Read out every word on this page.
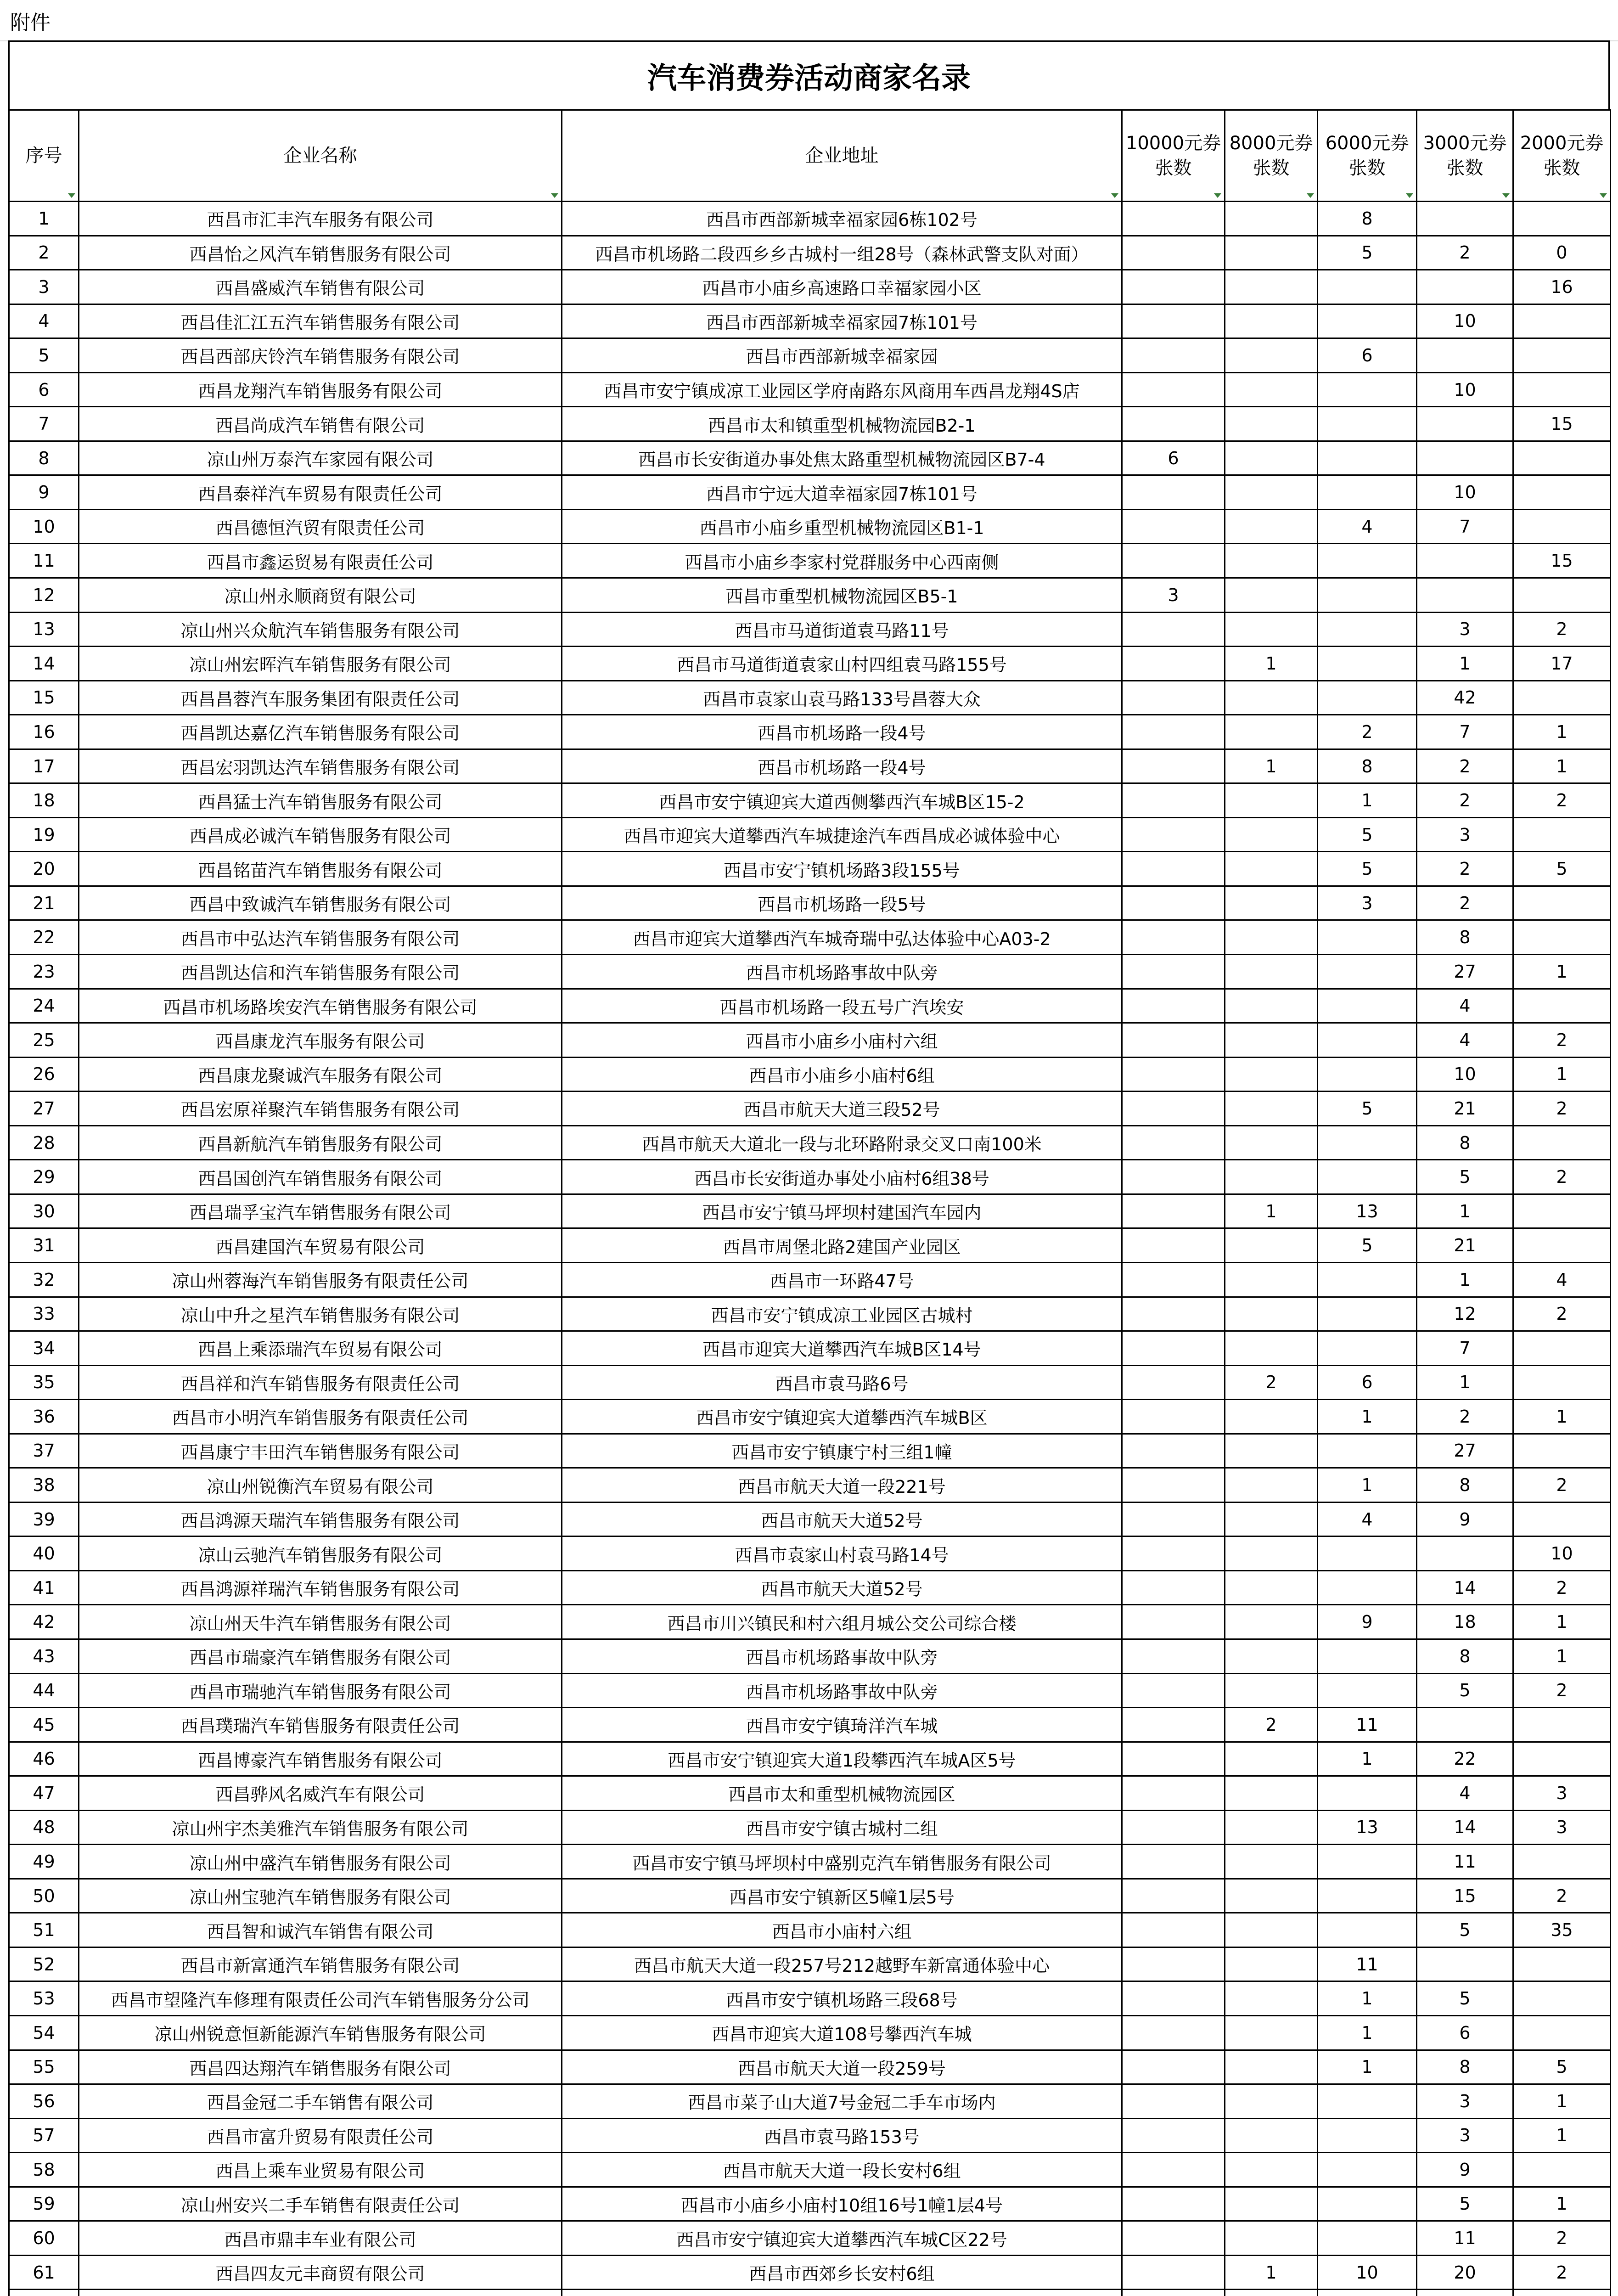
附件
汽车消费券活动商家名录
序号	企业名称	企业地址	10000元券张数	8000元券张数	6000元券张数	3000元券张数	2000元券张数

1	西昌市汇丰汽车服务有限公司	西昌市西部新城幸福家园6栋102号			8		
2	西昌怡之风汽车销售服务有限公司	西昌市机场路二段西乡乡古城村一组28号（森林武警支队对面）			5	2	0
3	西昌盛威汽车销售有限公司	西昌市小庙乡高速路口幸福家园小区					16
4	西昌佳汇江五汽车销售服务有限公司	西昌市西部新城幸福家园7栋101号				10	
5	西昌西部庆铃汽车销售服务有限公司	西昌市西部新城幸福家园			6		
6	西昌龙翔汽车销售服务有限公司	西昌市安宁镇成凉工业园区学府南路东风商用车西昌龙翔4S店				10	
7	西昌尚成汽车销售有限公司	西昌市太和镇重型机械物流园B2-1					15
8	凉山州万泰汽车家园有限公司	西昌市长安街道办事处焦太路重型机械物流园区B7-4	6				
9	西昌泰祥汽车贸易有限责任公司	西昌市宁远大道幸福家园7栋101号				10	
10	西昌德恒汽贸有限责任公司	西昌市小庙乡重型机械物流园区B1-1			4	7	
11	西昌市鑫运贸易有限责任公司	西昌市小庙乡李家村党群服务中心西南侧					15
12	凉山州永顺商贸有限公司	西昌市重型机械物流园区B5-1	3				
13	凉山州兴众航汽车销售服务有限公司	西昌市马道街道袁马路11号				3	2
14	凉山州宏晖汽车销售服务有限公司	西昌市马道街道袁家山村四组袁马路155号		1		1	17
15	西昌昌蓉汽车服务集团有限责任公司	西昌市袁家山袁马路133号昌蓉大众				42	
16	西昌凯达嘉亿汽车销售服务有限公司	西昌市机场路一段4号			2	7	1
17	西昌宏羽凯达汽车销售服务有限公司	西昌市机场路一段4号		1	8	2	1
18	西昌猛士汽车销售服务有限公司	西昌市安宁镇迎宾大道西侧攀西汽车城B区15-2			1	2	2
19	西昌成必诚汽车销售服务有限公司	西昌市迎宾大道攀西汽车城捷途汽车西昌成必诚体验中心			5	3	
20	西昌铭苗汽车销售服务有限公司	西昌市安宁镇机场路3段155号			5	2	5
21	西昌中致诚汽车销售服务有限公司	西昌市机场路一段5号			3	2	
22	西昌市中弘达汽车销售服务有限公司	西昌市迎宾大道攀西汽车城奇瑞中弘达体验中心A03-2				8	
23	西昌凯达信和汽车销售服务有限公司	西昌市机场路事故中队旁				27	1
24	西昌市机场路埃安汽车销售服务有限公司	西昌市机场路一段五号广汽埃安				4	
25	西昌康龙汽车服务有限公司	西昌市小庙乡小庙村六组				4	2
26	西昌康龙聚诚汽车服务有限公司	西昌市小庙乡小庙村6组				10	1
27	西昌宏原祥聚汽车销售服务有限公司	西昌市航天大道三段52号			5	21	2
28	西昌新航汽车销售服务有限公司	西昌市航天大道北一段与北环路附录交叉口南100米				8	
29	西昌国创汽车销售服务有限公司	西昌市长安街道办事处小庙村6组38号				5	2
30	西昌瑞孚宝汽车销售服务有限公司	西昌市安宁镇马坪坝村建国汽车园内		1	13	1	
31	西昌建国汽车贸易有限公司	西昌市周堡北路2建国产业园区			5	21	
32	凉山州蓉海汽车销售服务有限责任公司	西昌市一环路47号				1	4
33	凉山中升之星汽车销售服务有限公司	西昌市安宁镇成凉工业园区古城村				12	2
34	西昌上乘添瑞汽车贸易有限公司	西昌市迎宾大道攀西汽车城B区14号				7	
35	西昌祥和汽车销售服务有限责任公司	西昌市袁马路6号		2	6	1	
36	西昌市小明汽车销售服务有限责任公司	西昌市安宁镇迎宾大道攀西汽车城B区			1	2	1
37	西昌康宁丰田汽车销售服务有限公司	西昌市安宁镇康宁村三组1幢				27	
38	凉山州锐衡汽车贸易有限公司	西昌市航天大道一段221号			1	8	2
39	西昌鸿源天瑞汽车销售服务有限公司	西昌市航天大道52号			4	9	
40	凉山云驰汽车销售服务有限公司	西昌市袁家山村袁马路14号					10
41	西昌鸿源祥瑞汽车销售服务有限公司	西昌市航天大道52号				14	2
42	凉山州天牛汽车销售服务有限公司	西昌市川兴镇民和村六组月城公交公司综合楼			9	18	1
43	西昌市瑞豪汽车销售服务有限公司	西昌市机场路事故中队旁				8	1
44	西昌市瑞驰汽车销售服务有限公司	西昌市机场路事故中队旁				5	2
45	西昌璞瑞汽车销售服务有限责任公司	西昌市安宁镇琦洋汽车城		2	11		
46	西昌博豪汽车销售服务有限公司	西昌市安宁镇迎宾大道1段攀西汽车城A区5号			1	22	
47	西昌骅风名威汽车有限公司	西昌市太和重型机械物流园区				4	3
48	凉山州宇杰美雅汽车销售服务有限公司	西昌市安宁镇古城村二组			13	14	3
49	凉山州中盛汽车销售服务有限公司	西昌市安宁镇马坪坝村中盛别克汽车销售服务有限公司				11	
50	凉山州宝驰汽车销售服务有限公司	西昌市安宁镇新区5幢1层5号				15	2
51	西昌智和诚汽车销售有限公司	西昌市小庙村六组				5	35
52	西昌市新富通汽车销售服务有限公司	西昌市航天大道一段257号212越野车新富通体验中心			11		
53	西昌市望隆汽车修理有限责任公司汽车销售服务分公司	西昌市安宁镇机场路三段68号			1	5	
54	凉山州锐意恒新能源汽车销售服务有限公司	西昌市迎宾大道108号攀西汽车城			1	6	
55	西昌四达翔汽车销售服务有限公司	西昌市航天大道一段259号			1	8	5
56	西昌金冠二手车销售有限公司	西昌市菜子山大道7号金冠二手车市场内				3	1
57	西昌市富升贸易有限责任公司	西昌市袁马路153号				3	1
58	西昌上乘车业贸易有限公司	西昌市航天大道一段长安村6组				9	
59	凉山州安兴二手车销售有限责任公司	西昌市小庙乡小庙村10组16号1幢1层4号				5	1
60	西昌市鼎丰车业有限公司	西昌市安宁镇迎宾大道攀西汽车城C区22号				11	2
61	西昌四友元丰商贸有限公司	西昌市西郊乡长安村6组		1	10	20	2
